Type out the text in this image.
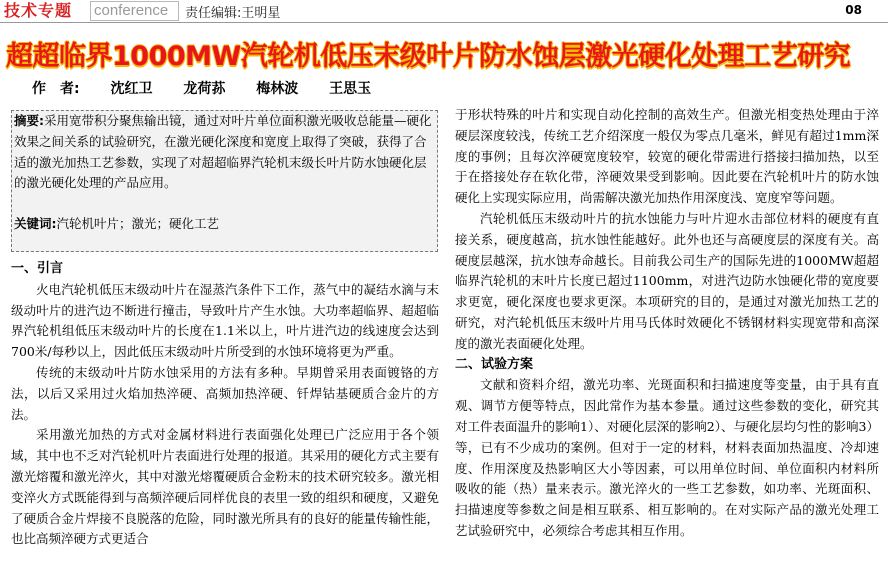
技术专题 conference	责任编辑:王明星	08
超超临界1000MW汽轮机低压末级叶片防水蚀层激光硬化处理工艺研究
作　者: 沈红卫 龙荷荪 梅林波 王思玉

摘要:采用宽带积分聚焦输出镜，通过对叶片单位面积激光吸收总能量—硬化效果之间关系的试验研究，在激光硬化深度和宽度上取得了突破，获得了合适的激光加热工艺参数，实现了对超超临界汽轮机末级长叶片防水蚀硬化层的激光硬化处理的产品应用。

关键词:汽轮机叶片；激光；硬化工艺

一、引言

火电汽轮机低压末级动叶片在湿蒸汽条件下工作，蒸气中的凝结水滴与末级动叶片的进汽边不断进行撞击，导致叶片产生水蚀。大功率超临界、超超临界汽轮机组低压末级动叶片的长度在1.1米以上，叶片进汽边的线速度会达到700米/每秒以上，因此低压末级动叶片所受到的水蚀环境将更为严重。

传统的末级动叶片防水蚀采用的方法有多种。早期曾采用表面镀铬的方法，以后又采用过火焰加热淬硬、高频加热淬硬、钎焊钴基硬质合金片的方法。

采用激光加热的方式对金属材料进行表面强化处理已广泛应用于各个领域，其中也不乏对汽轮机叶片表面进行处理的报道。其采用的硬化方式主要有激光熔覆和激光淬火，其中对激光熔覆硬质合金粉末的技术研究较多。激光相变淬火方式既能得到与高频淬硬后同样优良的表里一致的组织和硬度，又避免了硬质合金片焊接不良脱落的危险，同时激光所具有的良好的能量传输性能，也比高频淬硬方式更适合

于形状特殊的叶片和实现自动化控制的高效生产。但激光相变热处理由于淬硬层深度较浅，传统工艺介绍深度一般仅为零点几毫米，鲜见有超过1mm深度的事例；且每次淬硬宽度较窄，较宽的硬化带需进行搭接扫描加热，以至于在搭接处存在软化带，淬硬效果受到影响。因此要在汽轮机叶片的防水蚀硬化上实现实际应用，尚需解决激光加热作用深度浅、宽度窄等问题。

汽轮机低压末级动叶片的抗水蚀能力与叶片迎水击部位材料的硬度有直接关系，硬度越高，抗水蚀性能越好。此外也还与高硬度层的深度有关。高硬度层越深，抗水蚀寿命越长。目前我公司生产的国际先进的1000MW超超临界汽轮机的末叶片长度已超过1100mm，对进汽边防水蚀硬化带的宽度要求更宽，硬化深度也要求更深。本项研究的目的，是通过对激光加热工艺的研究，对汽轮机低压末级叶片用马氏体时效硬化不锈钢材料实现宽带和高深度的激光表面硬化处理。

二、试验方案

文献和资料介绍，激光功率、光斑面积和扫描速度等变量，由于具有直观、调节方便等特点，因此常作为基本参量。通过这些参数的变化，研究其对工件表面温升的影响1）、对硬化层深的影响2）、与硬化层均匀性的影响3）等，已有不少成功的案例。但对于一定的材料，材料表面加热温度、冷却速度、作用深度及热影响区大小等因素，可以用单位时间、单位面积内材料所吸收的能（热）量来表示。激光淬火的一些工艺参数，如功率、光斑面积、扫描速度等参数之间是相互联系、相互影响的。在对实际产品的激光处理工艺试验研究中，必须综合考虑其相互作用。
